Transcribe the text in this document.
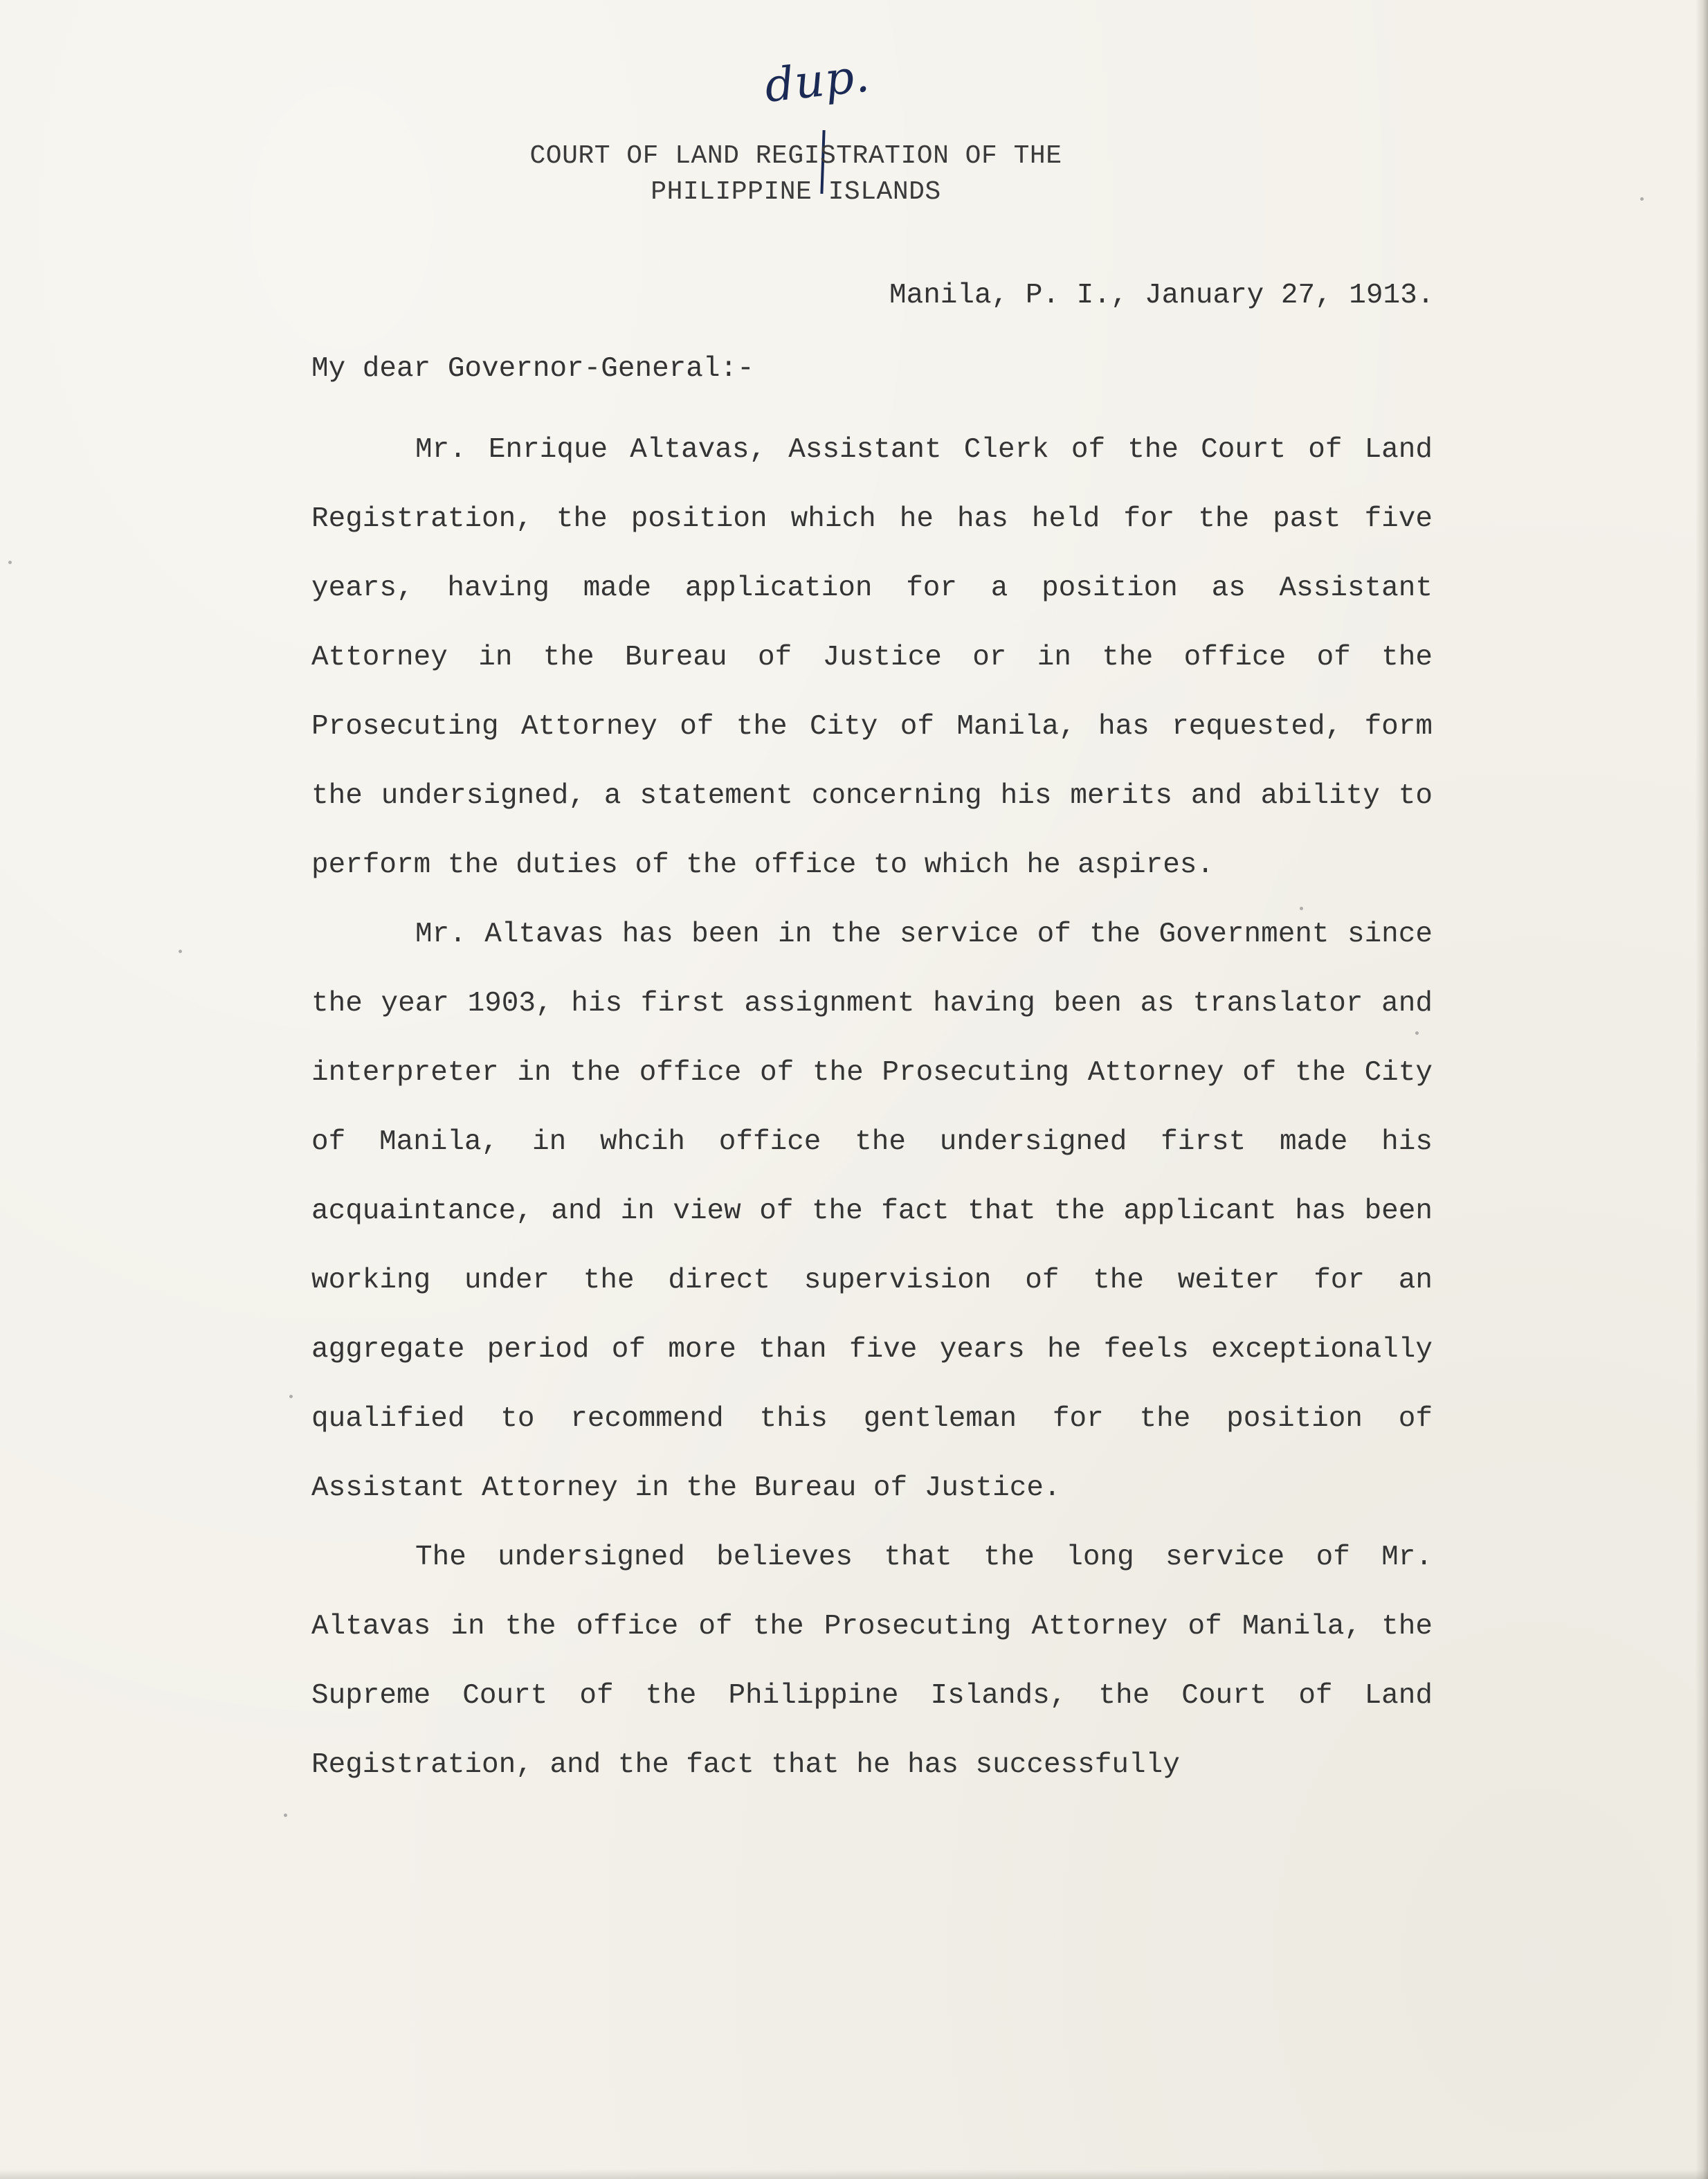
dup.
COURT OF LAND REGISTRATION OF THE
PHILIPPINE ISLANDS
Manila, P. I., January 27, 1913.
My dear Governor-General:-

Mr. Enrique Altavas, Assistant Clerk of the Court of Land Registration, the position which he has held for the past five years, having made application for a position as Assistant Attorney in the Bureau of Justice or in the office of the Prosecuting Attorney of the City of Manila, has requested, form the undersigned, a statement concerning his merits and ability to perform the duties of the office to which he aspires.

Mr. Altavas has been in the service of the Government since the year 1903, his first assignment having been as translator and interpreter in the office of the Prosecuting Attorney of the City of Manila, in whcih office the undersigned first made his acquaintance, and in view of the fact that the applicant has been working under the direct supervision of the weiter for an aggregate period of more than five years he feels exceptionally qualified to recommend this gentleman for the position of Assistant Attorney in the Bureau of Justice.

The undersigned believes that the long service of Mr. Altavas in the office of the Prosecuting Attorney of Manila, the Supreme Court of the Philippine Islands, the Court of Land Registration, and the fact that he has successfully
